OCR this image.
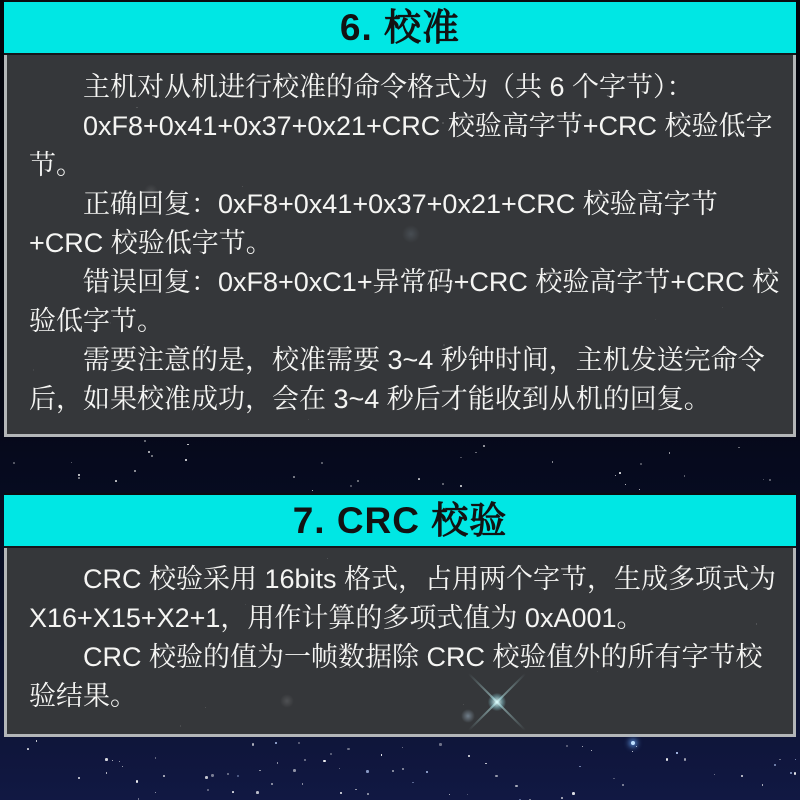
6. 校准

主机对从机进行校准的命令格式为（共 6 个字节）：

0xF8+0x41+0x37+0x21+CRC 校验高字节+CRC 校验低字节。

正确回复：0xF8+0x41+0x37+0x21+CRC 校验高字节+CRC 校验低字节。

错误回复：0xF8+0xC1+异常码+CRC 校验高字节+CRC 校验低字节。

需要注意的是，校准需要 3~4 秒钟时间，主机发送完命令后，如果校准成功，会在 3~4 秒后才能收到从机的回复。

7. CRC 校验

CRC 校验采用 16bits 格式，占用两个字节，生成多项式为 X16+X15+X2+1，用作计算的多项式值为 0xA001。

CRC 校验的值为一帧数据除 CRC 校验值外的所有字节校验结果。
